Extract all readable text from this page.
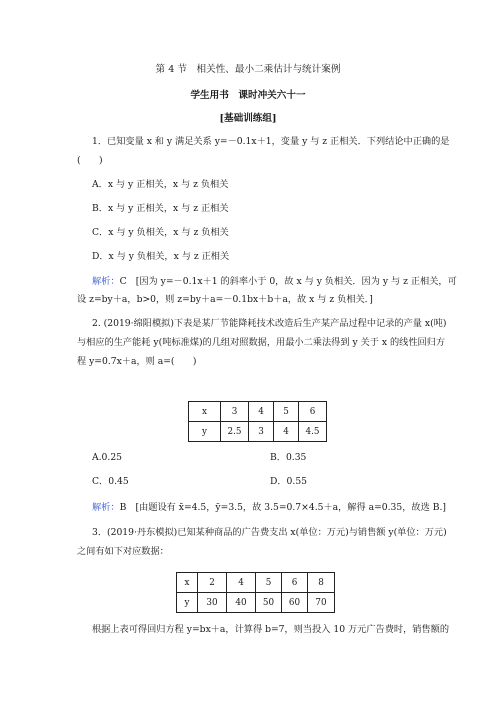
第 4 节　相关性、最小二乘估计与统计案例
学生用书　课时冲关六十一
[基础训练组]
1．已知变量 x 和 y 满足关系 y=－0.1x＋1，变量 y 与 z 正相关．下列结论中正确的是
(　　)
A．x 与 y 正相关，x 与 z 负相关
B．x 与 y 正相关，x 与 z 正相关
C．x 与 y 负相关，x 与 z 负相关
D．x 与 y 负相关，x 与 z 正相关
解析：C　[因为 y=－0.1x＋1 的斜率小于 0，故 x 与 y 负相关．因为 y 与 z 正相关，可
设 z=by＋a，b>0，则 z=by＋a=－0.1bx＋b＋a，故 x 与 z 负相关．]
2. (2019·绵阳模拟)下表是某厂节能降耗技术改造后生产某产品过程中记录的产量 x(吨)
与相应的生产能耗 y(吨标准煤)的几组对照数据，用最小二乘法得到 y 关于 x 的线性回归方
程 y=0.7x＋a，则 a=(　　)
x	3	4	5	6
y	2.5	3	4	4.5
A.0.25	B．0.35
C．0.45	D．0.55
解析：B　[由题设有 x̄=4.5，ȳ=3.5，故 3.5=0.7×4.5＋a，解得 a=0.35，故选 B.]
3．(2019·丹东模拟)已知某种商品的广告费支出 x(单位：万元)与销售额 y(单位：万元)
之间有如下对应数据：
x	2	4	5	6	8
y	30	40	50	60	70
根据上表可得回归方程 y=bx＋a，计算得 b=7，则当投入 10 万元广告费时，销售额的
